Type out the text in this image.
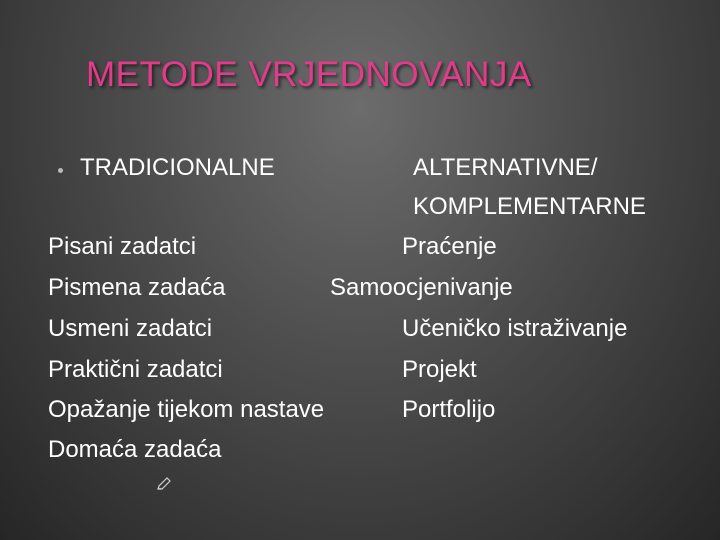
METODE VRJEDNOVANJA
TRADICIONALNE	ALTERNATIVNE/
KOMPLEMENTARNE
Pisani zadatci
Pismena zadaća
Usmeni zadatci
Praktični zadatci
Opažanje tijekom nastave
Domaća zadaća
Praćenje
Samoocjenivanje
Učeničko istraživanje
Projekt
Portfolijo
